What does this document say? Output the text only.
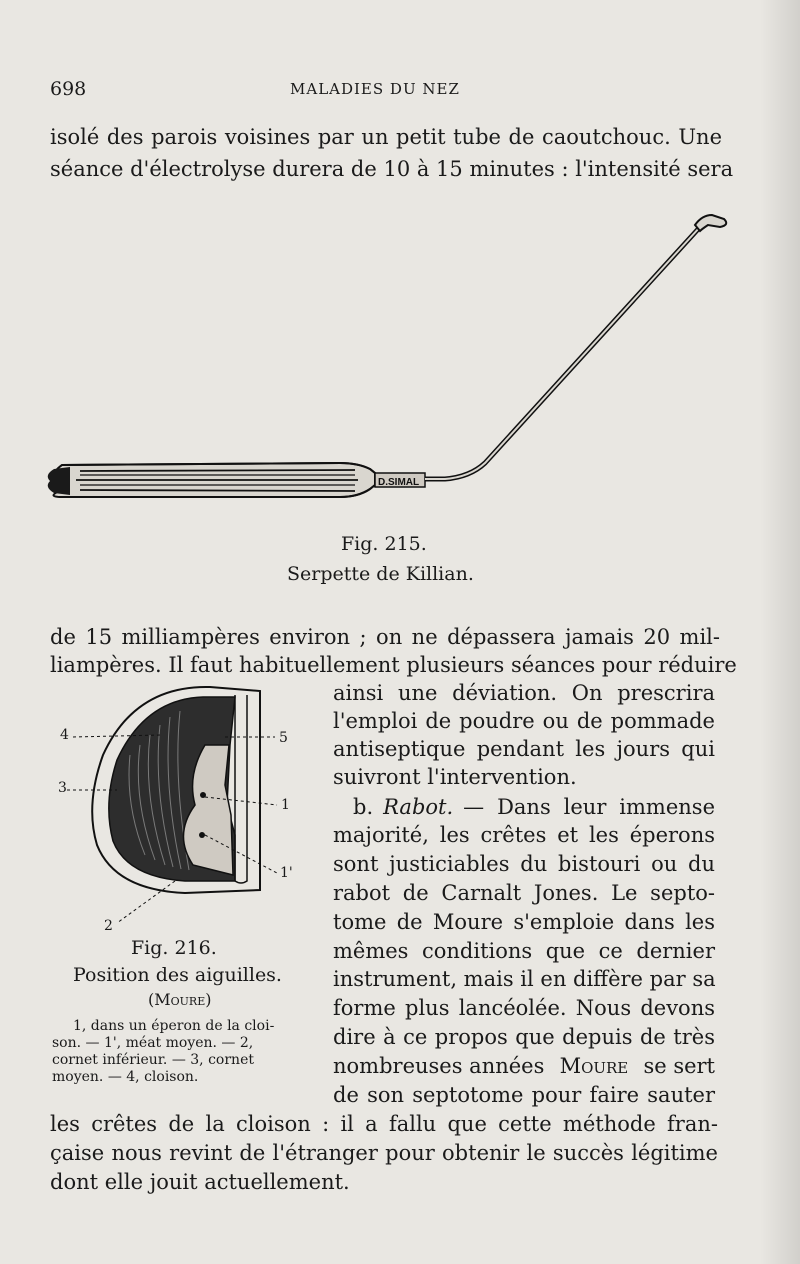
698	MALADIES DU NEZ
isolé des parois voisines par un petit tube de caoutchouc. Une
séance d'électrolyse durera de 10 à 15 minutes : l'intensité sera
D.SIMAL
Fig. 215.
Serpette de Killian.
de 15 milliampères environ ; on ne dépassera jamais 20 mil-
liampères. Il faut habituellement plusieurs séances pour réduire
ainsi une déviation. On prescrira
l'emploi de poudre ou de pommade
antiseptique pendant les jours qui
suivront l'intervention.
b. Rabot. — Dans leur immense
majorité, les crêtes et les éperons
sont justiciables du bistouri ou du
rabot de Carnalt Jones. Le septo-
tome de Moure s'emploie dans les
mêmes conditions que ce dernier
instrument, mais il en diffère par sa
forme plus lancéolée. Nous devons
dire à ce propos que depuis de très
nombreuses années Moure se sert
de son septotome pour faire sauter
4
3
5
1
1'
2
Fig. 216.
Position des aiguilles.
(Moure)
1, dans un éperon de la cloi-
son. — 1', méat moyen. — 2,
cornet inférieur. — 3, cornet
moyen. — 4, cloison.
les crêtes de la cloison : il a fallu que cette méthode fran-
çaise nous revint de l'étranger pour obtenir le succès légitime
dont elle jouit actuellement.
